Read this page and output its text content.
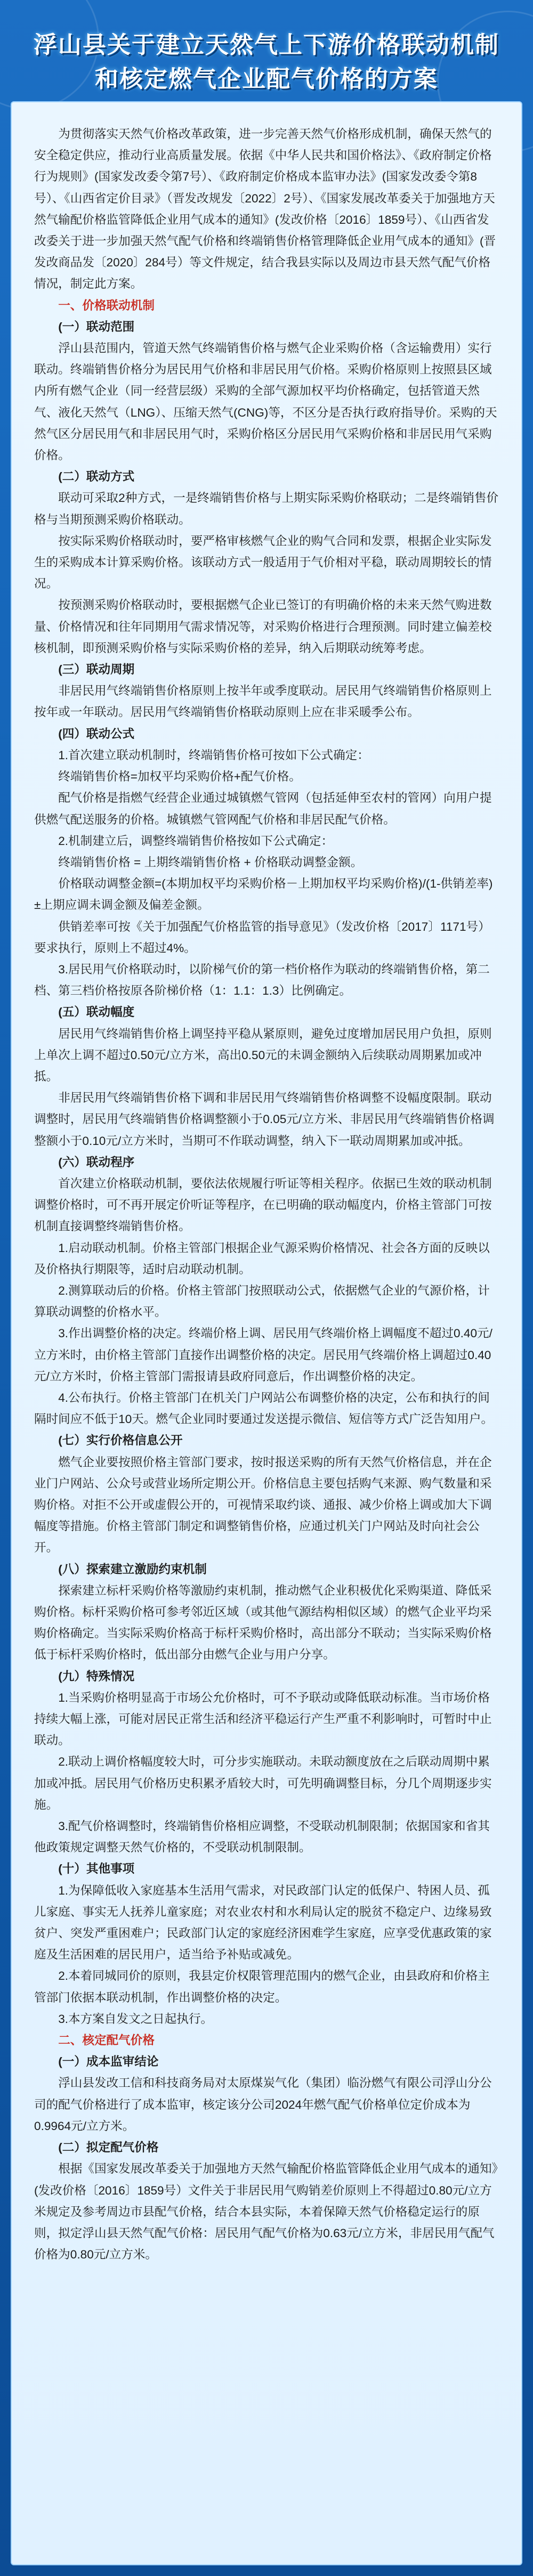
浮山县关于建立天然气上下游价格联动机制
和核定燃气企业配气价格的方案

为贯彻落实天然气价格改革政策，进一步完善天然气价格形成机制，确保天然气的安全稳定供应，推动行业高质量发展。依据《中华人民共和国价格法》、《政府制定价格行为规则》(国家发改委令第7号）、《政府制定价格成本监审办法》(国家发改委令第8号）、《山西省定价目录》（晋发改规发〔2022〕2号）、《国家发展改革委关于加强地方天然气输配价格监管降低企业用气成本的通知》(发改价格〔2016〕1859号）、《山西省发改委关于进一步加强天然气配气价格和终端销售价格管理降低企业用气成本的通知》(晋发改商品发〔2020〕284号）等文件规定，结合我县实际以及周边市县天然气配气价格情况，制定此方案。

一、价格联动机制

(一）联动范围

浮山县范围内，管道天然气终端销售价格与燃气企业采购价格（含运输费用）实行联动。终端销售价格分为居民用气价格和非居民用气价格。采购价格原则上按照县区域内所有燃气企业（同一经营层级）采购的全部气源加权平均价格确定，包括管道天然气、液化天然气（LNG）、压缩天然气(CNG)等，不区分是否执行政府指导价。采购的天然气区分居民用气和非居民用气时，采购价格区分居民用气采购价格和非居民用气采购价格。

(二）联动方式

联动可采取2种方式，一是终端销售价格与上期实际采购价格联动；二是终端销售价格与当期预测采购价格联动。

按实际采购价格联动时，要严格审核燃气企业的购气合同和发票，根据企业实际发生的采购成本计算采购价格。该联动方式一般适用于气价相对平稳，联动周期较长的情况。

按预测采购价格联动时，要根据燃气企业已签订的有明确价格的未来天然气购进数量、价格情况和往年同期用气需求情况等，对采购价格进行合理预测。同时建立偏差校核机制，即预测采购价格与实际采购价格的差异，纳入后期联动统筹考虑。

(三）联动周期

非居民用气终端销售价格原则上按半年或季度联动。居民用气终端销售价格原则上按年或一年联动。居民用气终端销售价格联动原则上应在非采暖季公布。

(四）联动公式

1.首次建立联动机制时，终端销售价格可按如下公式确定：

终端销售价格=加权平均采购价格+配气价格。

配气价格是指燃气经营企业通过城镇燃气管网（包括延伸至农村的管网）向用户提供燃气配送服务的价格。城镇燃气管网配气价格和非居民配气价格。

2.机制建立后，调整终端销售价格按如下公式确定：

终端销售价格 = 上期终端销售价格 + 价格联动调整金额。

价格联动调整金额=(本期加权平均采购价格－上期加权平均采购价格)/(1-供销差率)±上期应调未调金额及偏差金额。

供销差率可按《关于加强配气价格监管的指导意见》（发改价格〔2017〕1171号）要求执行，原则上不超过4%。

3.居民用气价格联动时，以阶梯气价的第一档价格作为联动的终端销售价格，第二档、第三档价格按原各阶梯价格（1：1.1：1.3）比例确定。

(五）联动幅度

居民用气终端销售价格上调坚持平稳从紧原则，避免过度增加居民用户负担，原则上单次上调不超过0.50元/立方米，高出0.50元的未调金额纳入后续联动周期累加或冲抵。

非居民用气终端销售价格下调和非居民用气终端销售价格调整不设幅度限制。联动调整时，居民用气终端销售价格调整额小于0.05元/立方米、非居民用气终端销售价格调整额小于0.10元/立方米时，当期可不作联动调整，纳入下一联动周期累加或冲抵。

(六）联动程序

首次建立价格联动机制，要依法依规履行听证等相关程序。依据已生效的联动机制调整价格时，可不再开展定价听证等程序，在已明确的联动幅度内，价格主管部门可按机制直接调整终端销售价格。

1.启动联动机制。价格主管部门根据企业气源采购价格情况、社会各方面的反映以及价格执行期限等，适时启动联动机制。

2.测算联动后的价格。价格主管部门按照联动公式，依据燃气企业的气源价格，计算联动调整的价格水平。

3.作出调整价格的决定。终端价格上调、居民用气终端价格上调幅度不超过0.40元/立方米时，由价格主管部门直接作出调整价格的决定。居民用气终端价格上调超过0.40元/立方米时，价格主管部门需报请县政府同意后，作出调整价格的决定。

4.公布执行。价格主管部门在机关门户网站公布调整价格的决定，公布和执行的间隔时间应不低于10天。燃气企业同时要通过发送提示微信、短信等方式广泛告知用户。

(七）实行价格信息公开

燃气企业要按照价格主管部门要求，按时报送采购的所有天然气价格信息，并在企业门户网站、公众号或营业场所定期公开。价格信息主要包括购气来源、购气数量和采购价格。对拒不公开或虚假公开的，可视情采取约谈、通报、减少价格上调或加大下调幅度等措施。价格主管部门制定和调整销售价格，应通过机关门户网站及时向社会公开。

(八）探索建立激励约束机制

探索建立标杆采购价格等激励约束机制，推动燃气企业积极优化采购渠道、降低采购价格。标杆采购价格可参考邻近区域（或其他气源结构相似区域）的燃气企业平均采购价格确定。当实际采购价格高于标杆采购价格时，高出部分不联动；当实际采购价格低于标杆采购价格时，低出部分由燃气企业与用户分享。

(九）特殊情况

1.当采购价格明显高于市场公允价格时，可不予联动或降低联动标准。当市场价格持续大幅上涨，可能对居民正常生活和经济平稳运行产生严重不利影响时，可暂时中止联动。

2.联动上调价格幅度较大时，可分步实施联动。未联动额度放在之后联动周期中累加或冲抵。居民用气价格历史积累矛盾较大时，可先明确调整目标，分几个周期逐步实施。

3.配气价格调整时，终端销售价格相应调整，不受联动机制限制；依据国家和省其他政策规定调整天然气价格的，不受联动机制限制。

(十）其他事项

1.为保障低收入家庭基本生活用气需求，对民政部门认定的低保户、特困人员、孤儿家庭、事实无人抚养儿童家庭；对农业农村和水利局认定的脱贫不稳定户、边缘易致贫户、突发严重困难户；民政部门认定的家庭经济困难学生家庭，应享受优惠政策的家庭及生活困难的居民用户，适当给予补贴或减免。

2.本着同城同价的原则，我县定价权限管理范围内的燃气企业，由县政府和价格主管部门依据本联动机制，作出调整价格的决定。

3.本方案自发文之日起执行。

二、核定配气价格

(一）成本监审结论

浮山县发改工信和科技商务局对太原煤炭气化（集团）临汾燃气有限公司浮山分公司的配气价格进行了成本监审，核定该分公司2024年燃气配气价格单位定价成本为0.9964元/立方米。

(二）拟定配气价格

根据《国家发展改革委关于加强地方天然气输配价格监管降低企业用气成本的通知》(发改价格〔2016〕1859号）文件关于非居民用气购销差价原则上不得超过0.80元/立方米规定及参考周边市县配气价格，结合本县实际，本着保障天然气价格稳定运行的原则，拟定浮山县天然气配气价格：居民用气配气价格为0.63元/立方米，非居民用气配气价格为0.80元/立方米。
